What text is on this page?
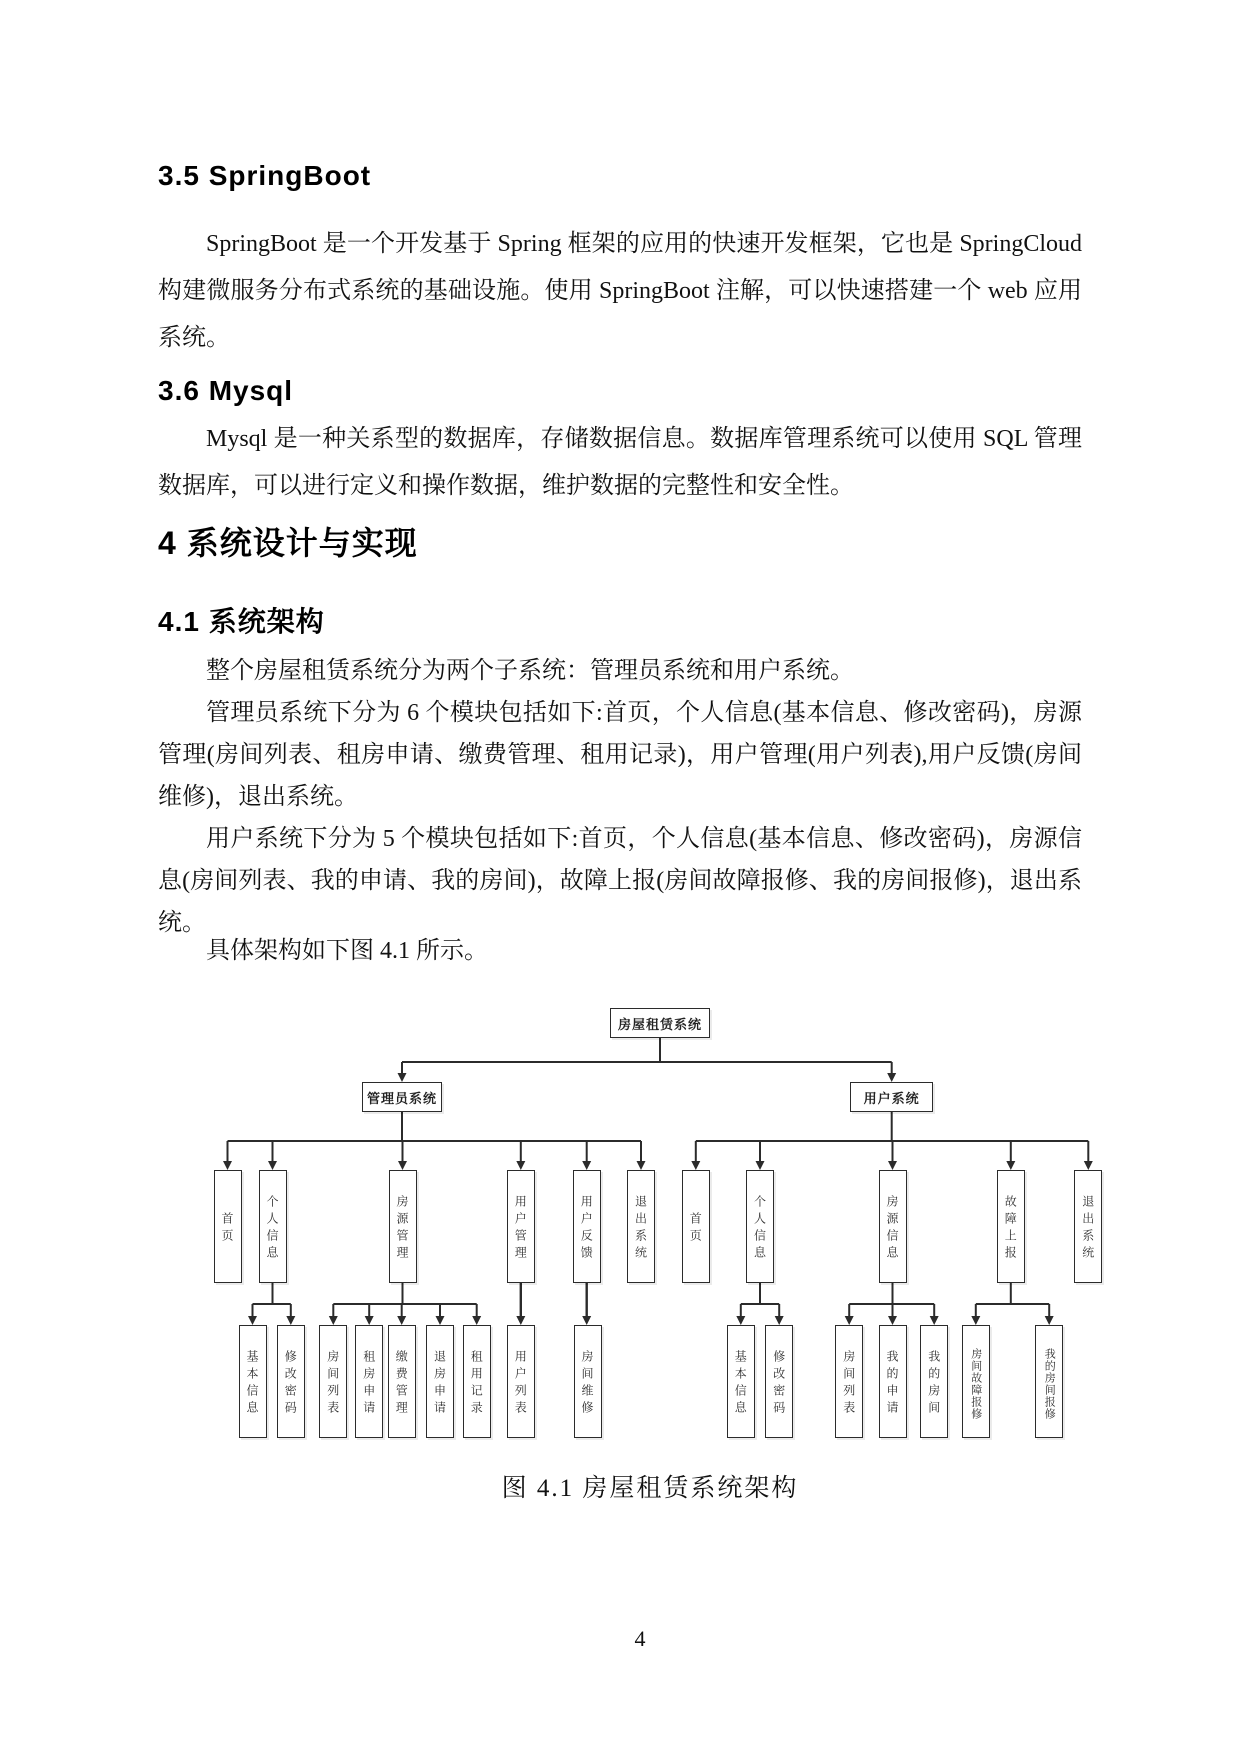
3.5 SpringBoot
SpringBoot 是一个开发基于 Spring 框架的应用的快速开发框架，它也是 SpringCloud 构建微服务分布式系统的基础设施。使用 SpringBoot 注解，可以快速搭建一个 web 应用系统。
3.6 Mysql
Mysql 是一种关系型的数据库，存储数据信息。数据库管理系统可以使用 SQL 管理数据库，可以进行定义和操作数据，维护数据的完整性和安全性。
4 系统设计与实现
4.1 系统架构
整个房屋租赁系统分为两个子系统：管理员系统和用户系统。
管理员系统下分为 6 个模块包括如下:首页，个人信息(基本信息、修改密码)，房源管理(房间列表、租房申请、缴费管理、租用记录)，用户管理(用户列表),用户反馈(房间维修)，退出系统。
用户系统下分为 5 个模块包括如下:首页，个人信息(基本信息、修改密码)，房源信息(房间列表、我的申请、我的房间)，故障上报(房间故障报修、我的房间报修)，退出系统。
具体架构如下图 4.1 所示。
房屋租赁系统
管理员系统
首页	个人信息
基本信息	修改密码
房源管理
房间列表	租房申请	缴费管理	退房申请	租用记录
用户管理
用户列表
用户反馈
房间维修
退出系统
用户系统
首页	个人信息
基本信息	修改密码
房源信息
房间列表	我的申请	我的房间
故障上报
房间故障报修	我的房间报修
退出系统
图 4.1 房屋租赁系统架构
4
